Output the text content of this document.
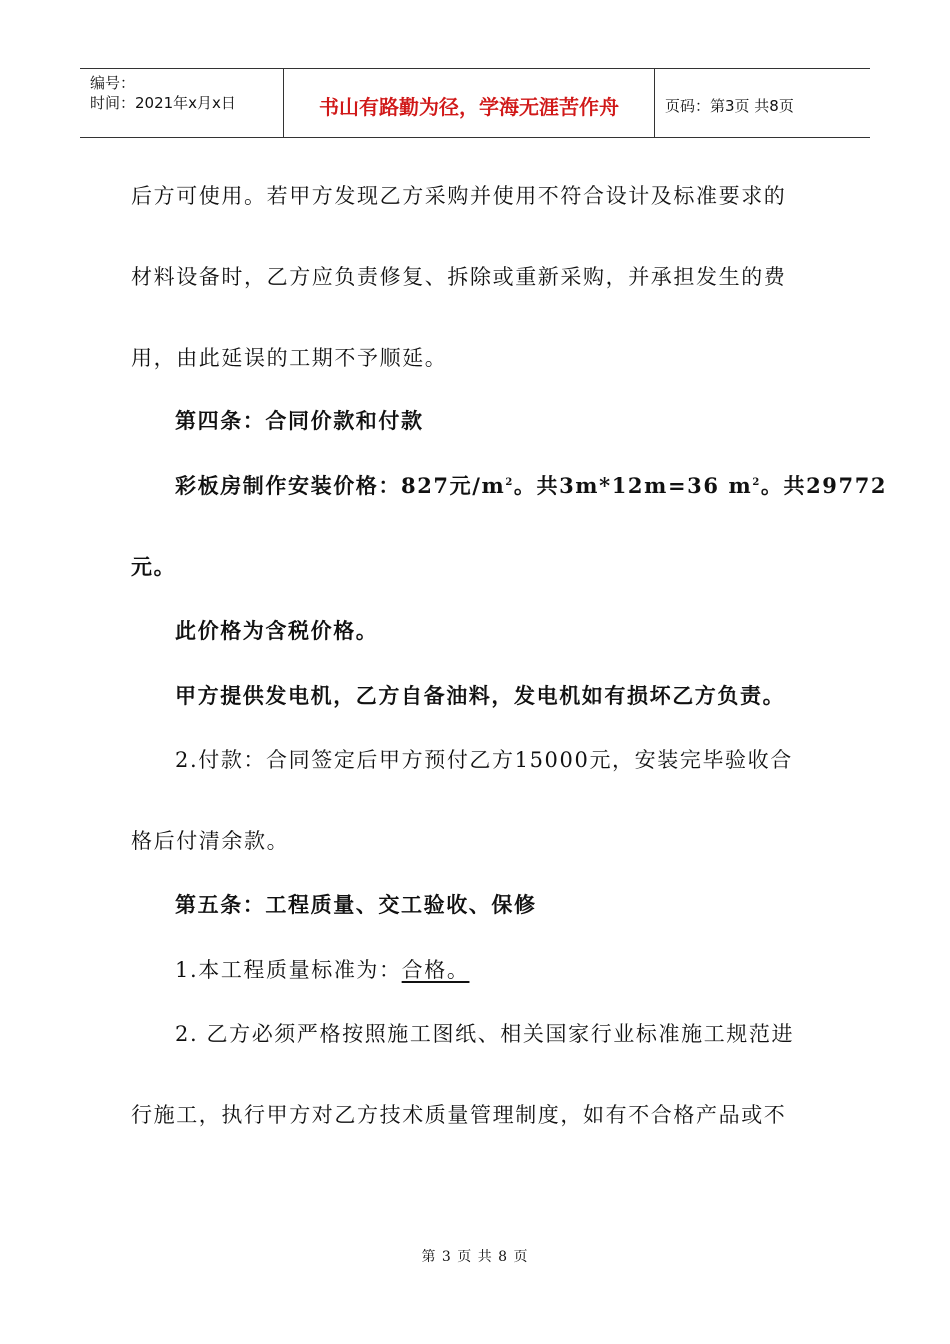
编号：
时间：2021年x月x日	书山有路勤为径，学海无涯苦作舟	页码：第3页 共8页
后方可使用。若甲方发现乙方采购并使用不符合设计及标准要求的
材料设备时，乙方应负责修复、拆除或重新采购，并承担发生的费
用，由此延误的工期不予顺延。
第四条：合同价款和付款
彩板房制作安装价格：827元$/m^2$。共3m*12m=36 $m^2$。共29772
元。
此价格为含税价格。
甲方提供发电机，乙方自备油料，发电机如有损坏乙方负责。
2.付款：合同签定后甲方预付乙方15000元，安装完毕验收合
格后付清余款。
第五条：工程质量、交工验收、保修
1.本工程质量标准为：合格。
2. 乙方必须严格按照施工图纸、相关国家行业标准施工规范进
行施工，执行甲方对乙方技术质量管理制度，如有不合格产品或不
第 3 页 共 8 页
